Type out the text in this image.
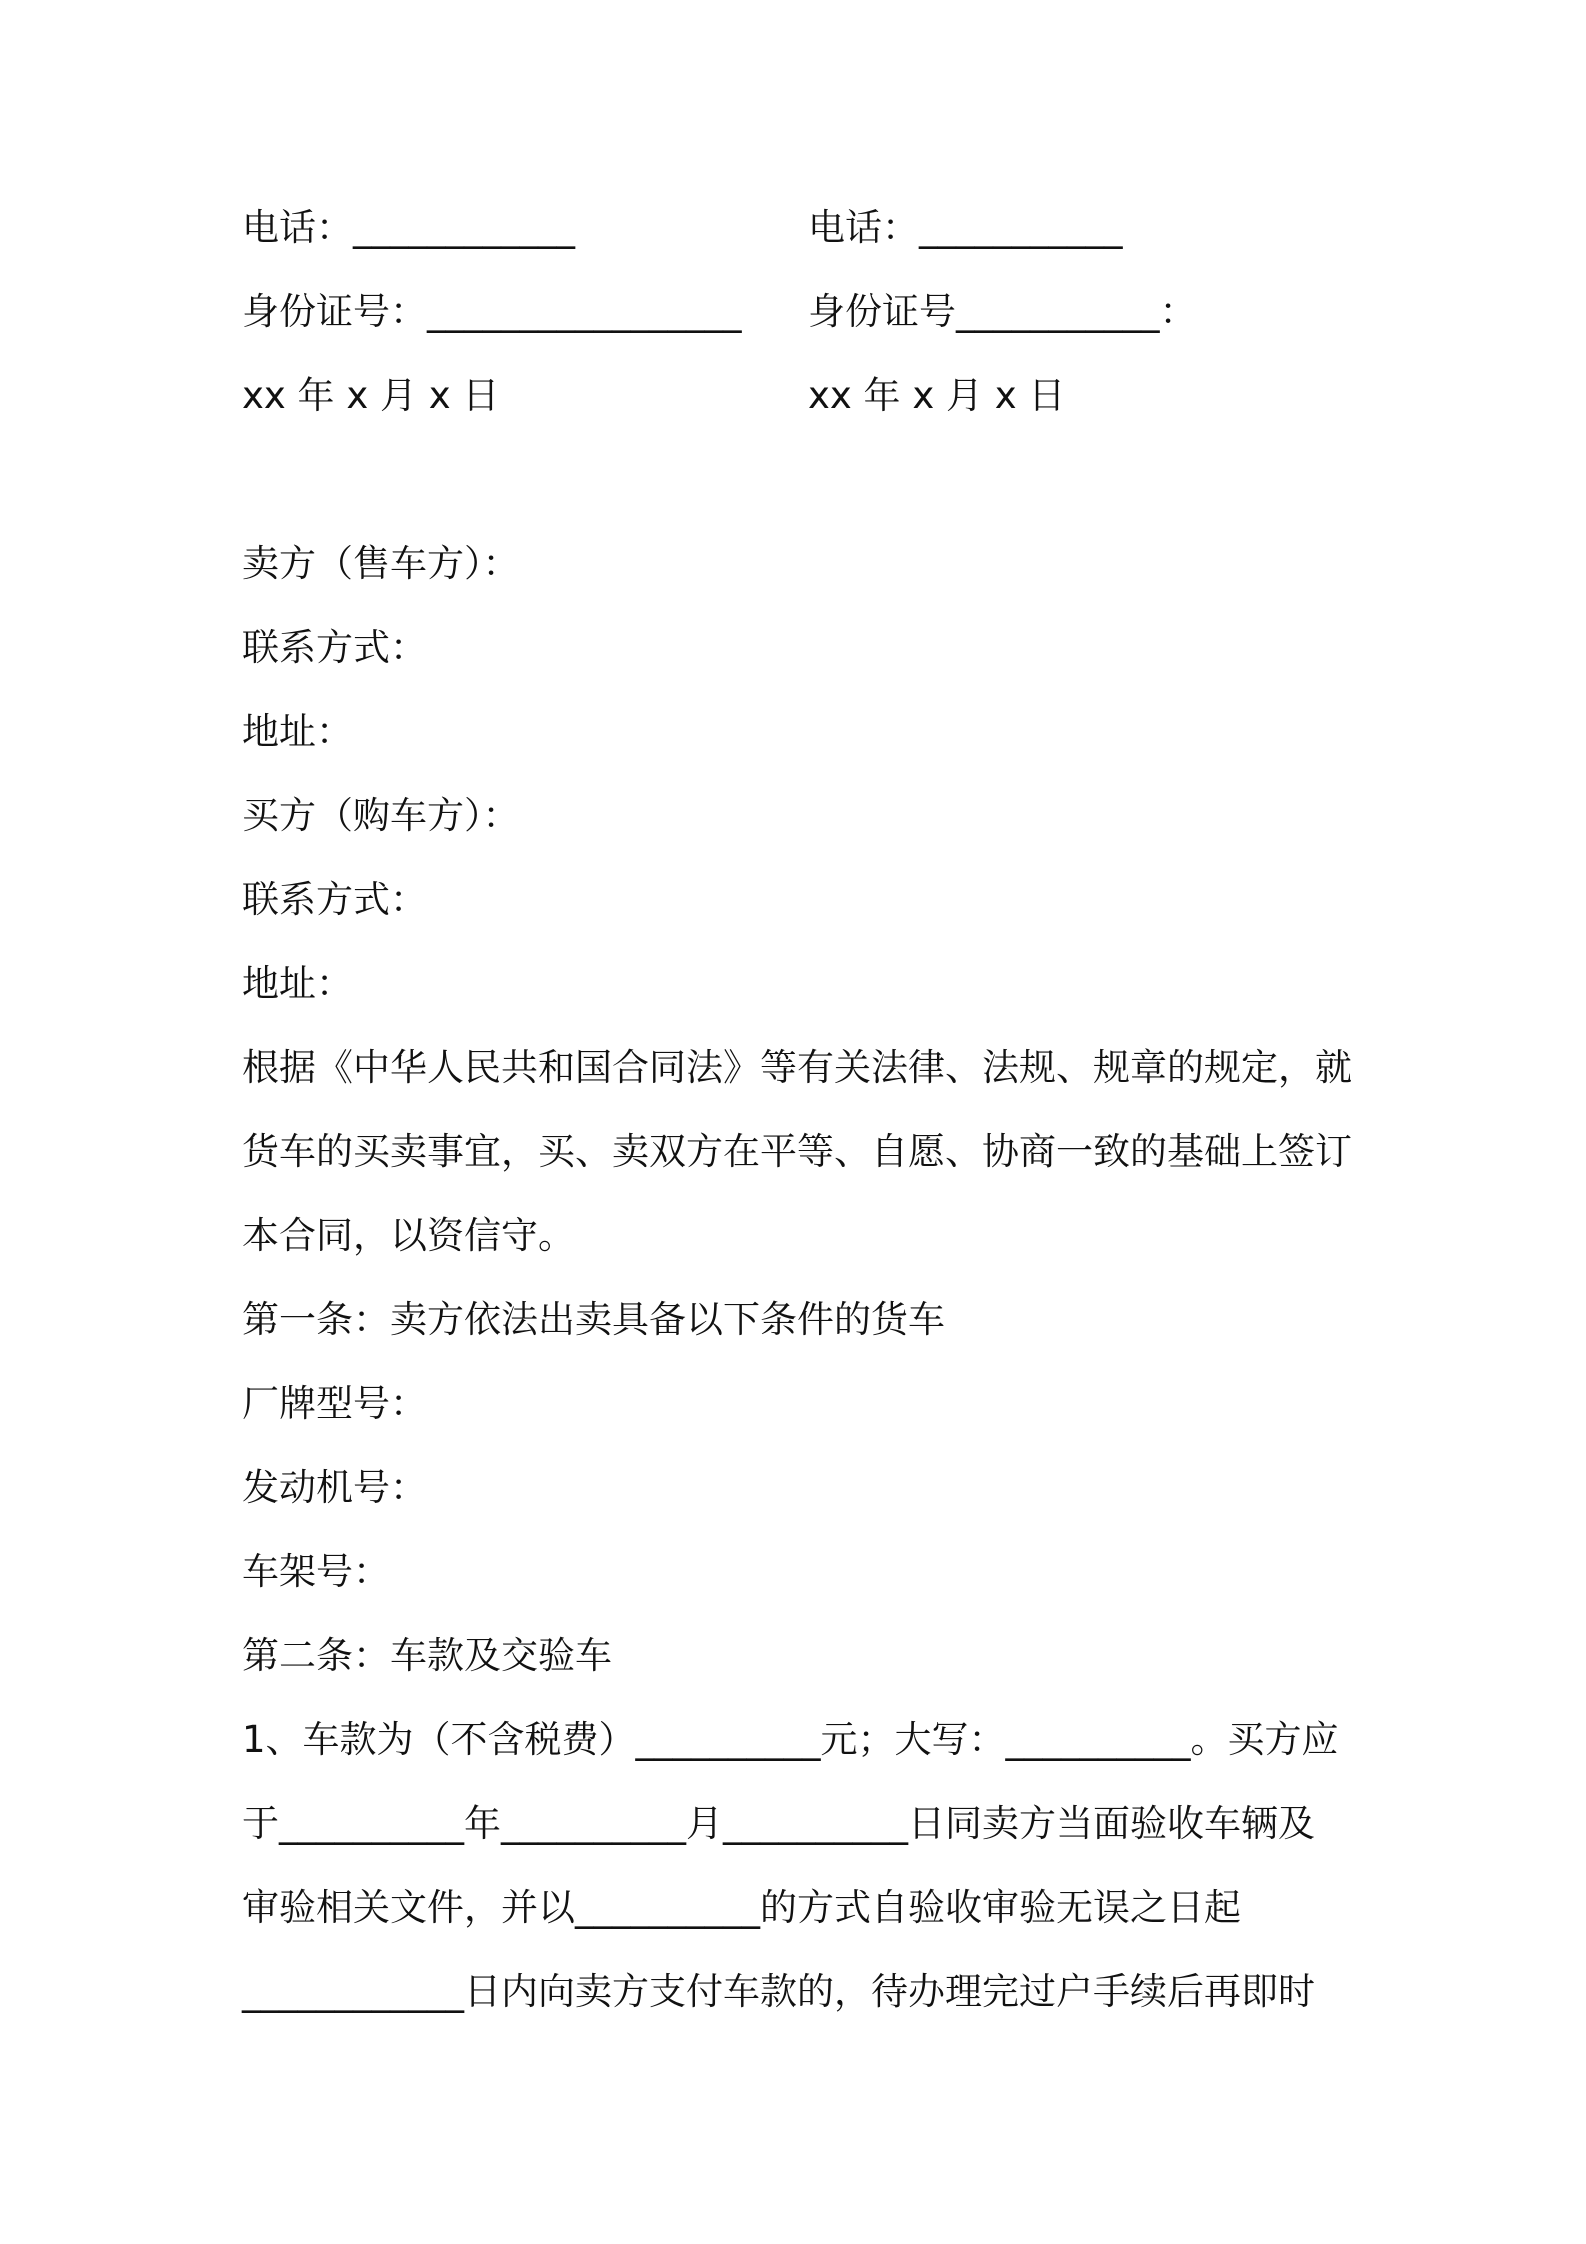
电话：____________

	电话：___________

身份证号：_________________

身份证号___________：

xx 年 x 月 x 日

	xx 年 x 月 x 日

卖方（售车方）：
联系方式：
地址：
买方（购车方）：
联系方式：
地址：
根据《中华人民共和国合同法》等有关法律、法规、规章的规定，就
货车的买卖事宜，买、卖双方在平等、自愿、协商一致的基础上签订
本合同，以资信守。
第一条：卖方依法出卖具备以下条件的货车
厂牌型号：
发动机号：
车架号：
第二条：车款及交验车
1、车款为（不含税费）__________元；大写：__________。买方应
于__________年__________月__________日同卖方当面验收车辆及
审验相关文件，并以__________的方式自验收审验无误之日起
____________日内向卖方支付车款的，待办理完过户手续后再即时
